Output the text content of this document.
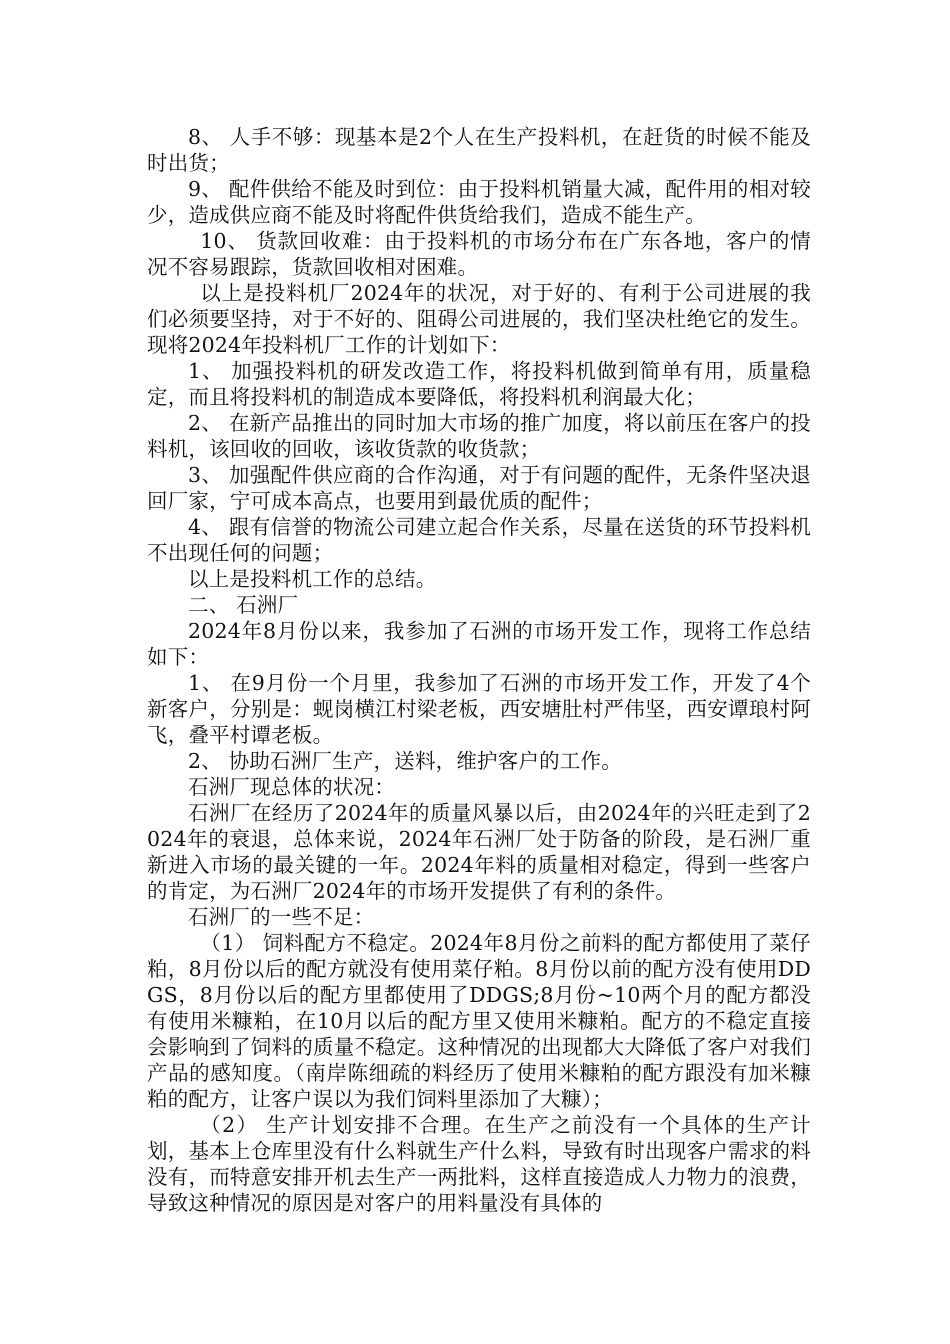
8、 人手不够：现基本是2个人在生产投料机，在赶货的时候不能及时出货；

9、 配件供给不能及时到位：由于投料机销量大减，配件用的相对较少，造成供应商不能及时将配件供货给我们，造成不能生产。

10、 货款回收难：由于投料机的市场分布在广东各地，客户的情况不容易跟踪，货款回收相对困难。

以上是投料机厂2024年的状况，对于好的、有利于公司进展的我们必须要坚持，对于不好的、阻碍公司进展的，我们坚决杜绝它的发生。现将2024年投料机厂工作的计划如下：

1、 加强投料机的研发改造工作，将投料机做到简单有用，质量稳定，而且将投料机的制造成本要降低，将投料机利润最大化；

2、 在新产品推出的同时加大市场的推广加度，将以前压在客户的投料机，该回收的回收，该收货款的收货款；

3、 加强配件供应商的合作沟通，对于有问题的配件，无条件坚决退回厂家，宁可成本高点，也要用到最优质的配件；

4、 跟有信誉的物流公司建立起合作关系，尽量在送货的环节投料机不出现任何的问题；

以上是投料机工作的总结。

二、 石洲厂

2024年8月份以来，我参加了石洲的市场开发工作，现将工作总结如下：

1、 在9月份一个月里，我参加了石洲的市场开发工作，开发了4个新客户，分别是：蚬岗横江村梁老板，西安塘肚村严伟坚，西安谭琅村阿飞，叠平村谭老板。

2、 协助石洲厂生产，送料，维护客户的工作。

石洲厂现总体的状况：

石洲厂在经历了2024年的质量风暴以后，由2024年的兴旺走到了2024年的衰退，总体来说，2024年石洲厂处于防备的阶段，是石洲厂重新进入市场的最关键的一年。2024年料的质量相对稳定，得到一些客户的肯定，为石洲厂2024年的市场开发提供了有利的条件。

石洲厂的一些不足：

（1） 饲料配方不稳定。2024年8月份之前料的配方都使用了菜仔粕，8月份以后的配方就没有使用菜仔粕。8月份以前的配方没有使用DDGS，8月份以后的配方里都使用了DDGS;8月份~10两个月的配方都没有使用米糠粕，在10月以后的配方里又使用米糠粕。配方的不稳定直接会影响到了饲料的质量不稳定。这种情况的出现都大大降低了客户对我们产品的感知度。（南岸陈细疏的料经历了使用米糠粕的配方跟没有加米糠粕的配方，让客户误以为我们饲料里添加了大糠）；

（2） 生产计划安排不合理。在生产之前没有一个具体的生产计划，基本上仓库里没有什么料就生产什么料，导致有时出现客户需求的料没有，而特意安排开机去生产一两批料，这样直接造成人力物力的浪费，导致这种情况的原因是对客户的用料量没有具体的
